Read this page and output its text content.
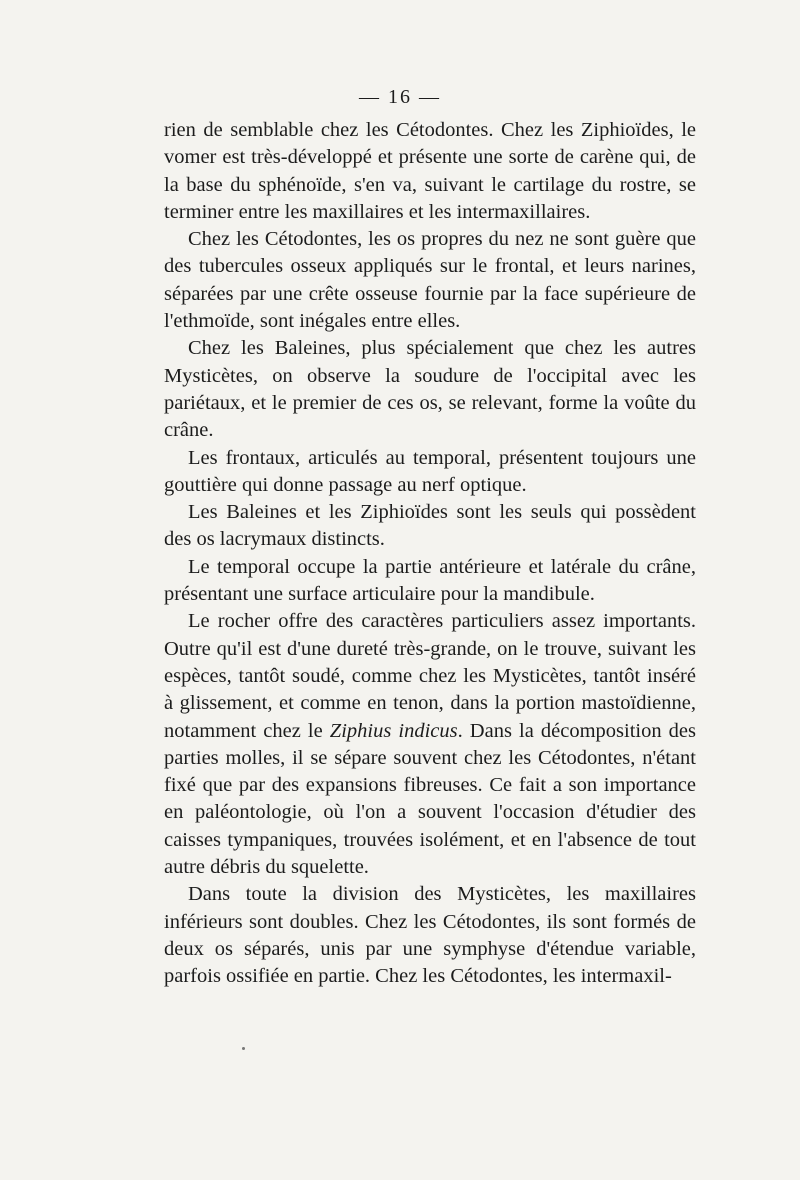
— 16 —

rien de semblable chez les Cétodontes. Chez les Ziphioïdes, le vomer est très-développé et présente une sorte de carène qui, de la base du sphénoïde, s'en va, suivant le cartilage du rostre, se terminer entre les maxillaires et les intermaxillaires.

Chez les Cétodontes, les os propres du nez ne sont guère que des tubercules osseux appliqués sur le frontal, et leurs narines, séparées par une crête osseuse fournie par la face supérieure de l'ethmoïde, sont inégales entre elles.

Chez les Baleines, plus spécialement que chez les autres Mysticètes, on observe la soudure de l'occipital avec les pariétaux, et le premier de ces os, se relevant, forme la voûte du crâne.

Les frontaux, articulés au temporal, présentent toujours une gouttière qui donne passage au nerf optique.

Les Baleines et les Ziphioïdes sont les seuls qui possèdent des os lacrymaux distincts.

Le temporal occupe la partie antérieure et latérale du crâne, présentant une surface articulaire pour la mandibule.

Le rocher offre des caractères particuliers assez importants. Outre qu'il est d'une dureté très-grande, on le trouve, suivant les espèces, tantôt soudé, comme chez les Mysticètes, tantôt inséré à glissement, et comme en tenon, dans la portion mastoïdienne, notamment chez le Ziphius indicus. Dans la décomposition des parties molles, il se sépare souvent chez les Cétodontes, n'étant fixé que par des expansions fibreuses. Ce fait a son importance en paléontologie, où l'on a souvent l'occasion d'étudier des caisses tympaniques, trouvées isolément, et en l'absence de tout autre débris du squelette.

Dans toute la division des Mysticètes, les maxillaires inférieurs sont doubles. Chez les Cétodontes, ils sont formés de deux os séparés, unis par une symphyse d'étendue variable, parfois ossifiée en partie. Chez les Cétodontes, les intermaxil-
